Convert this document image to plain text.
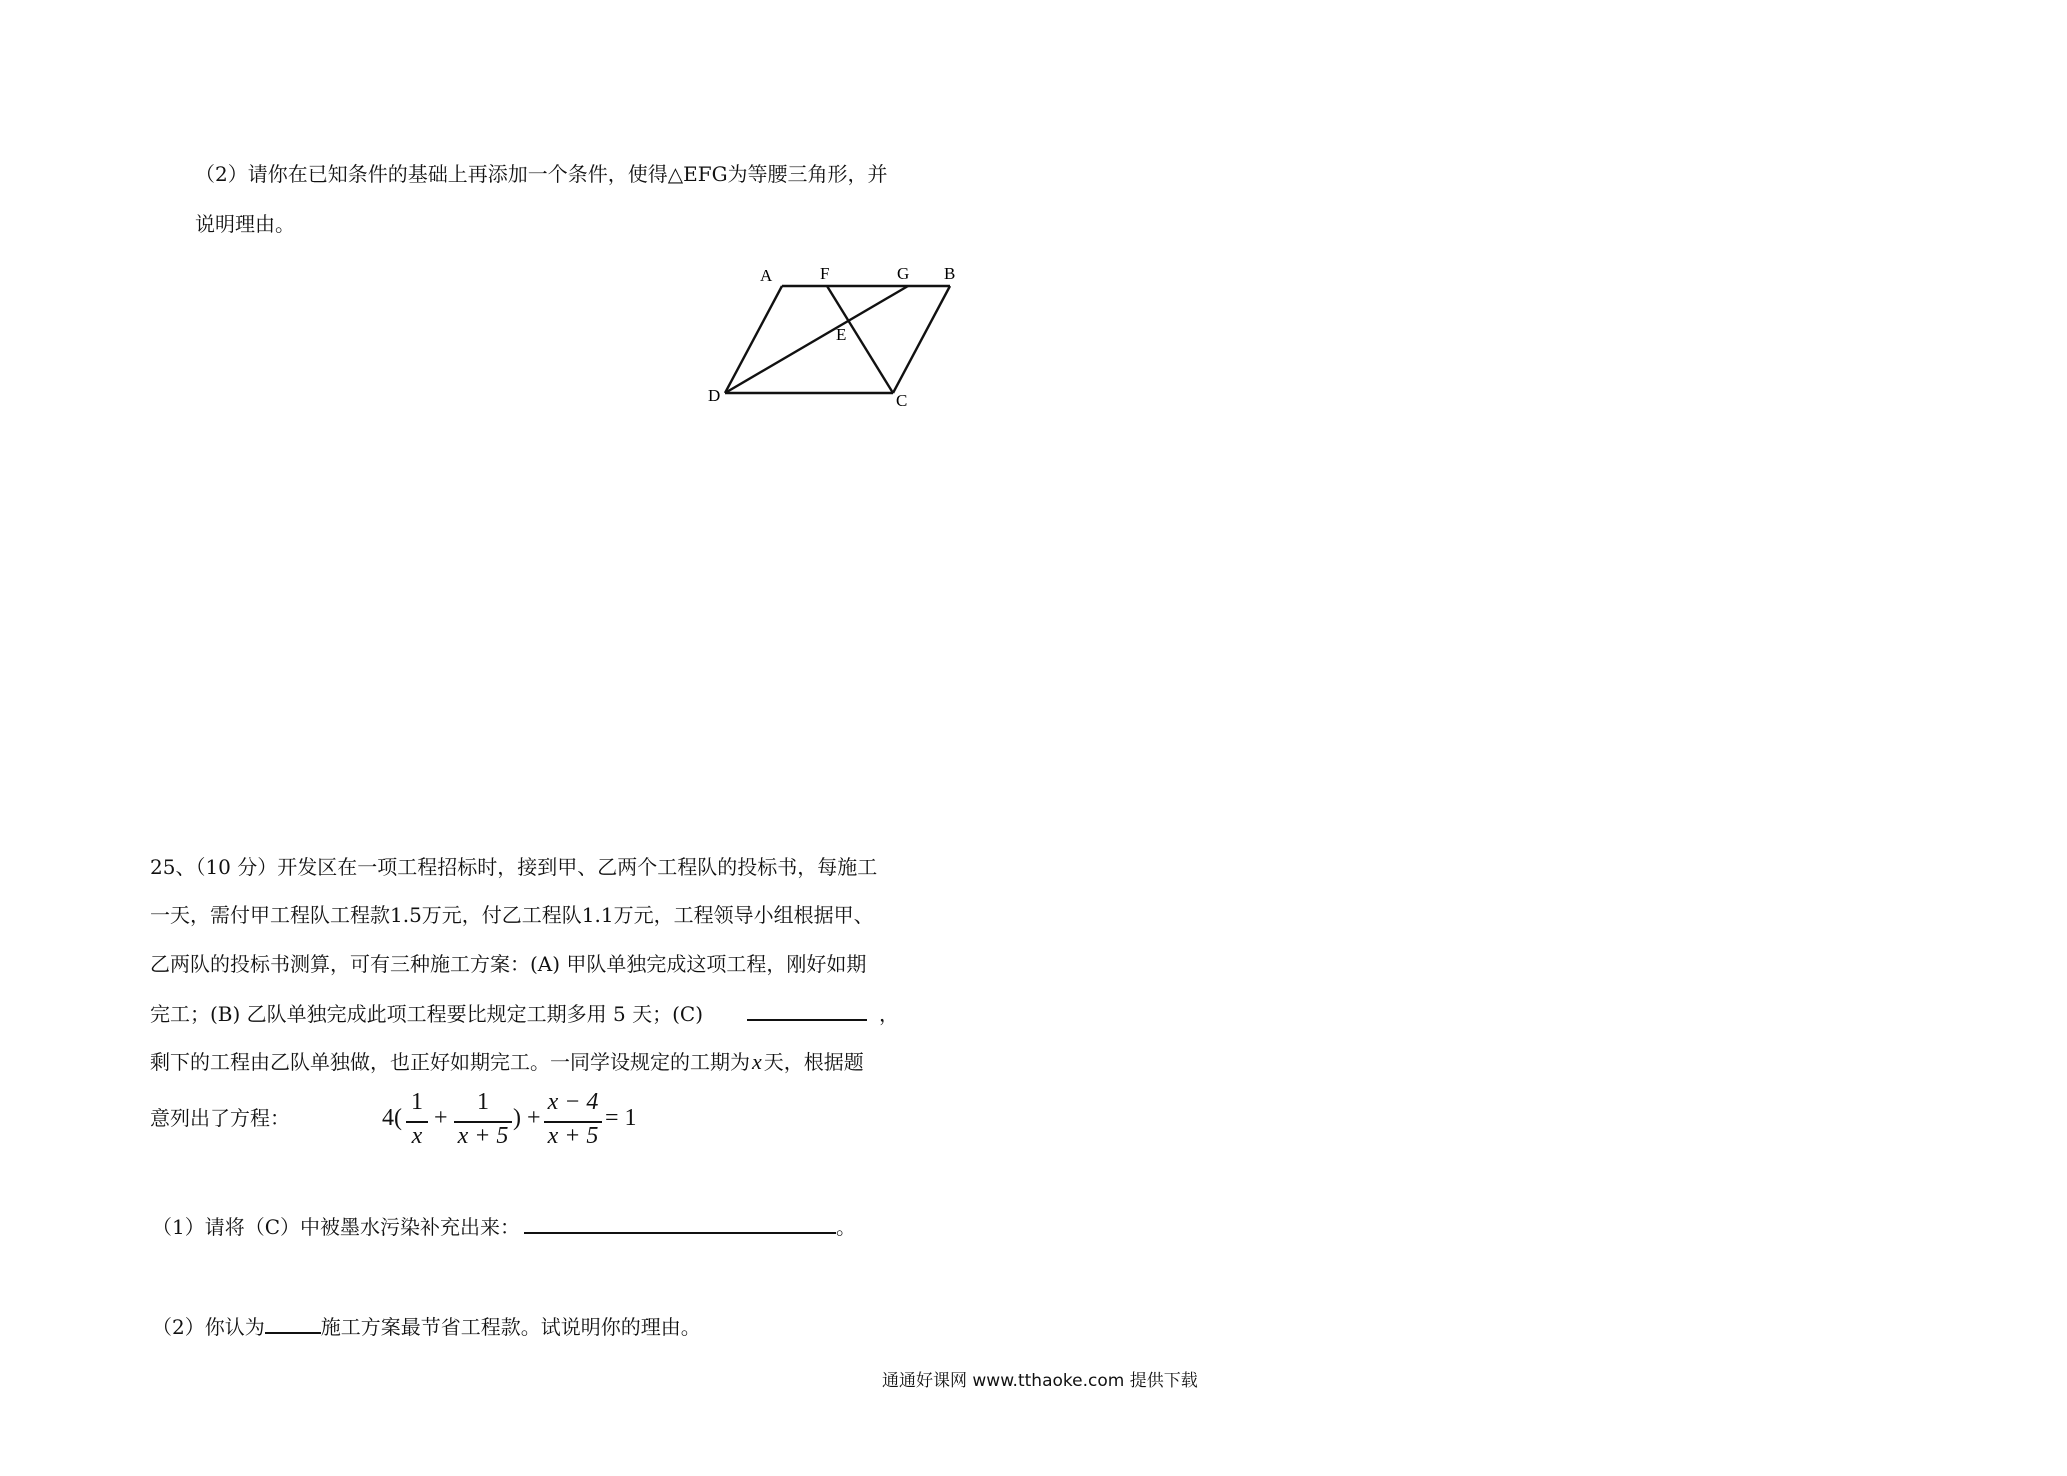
（2）请你在已知条件的基础上再添加一个条件，使得△EFG为等腰三角形，并
说明理由。
A	F	G B
E
D	C
25、（10 分）开发区在一项工程招标时，接到甲、乙两个工程队的投标书，每施工
一天，需付甲工程队工程款1.5万元，付乙工程队1.1万元，工程领导小组根据甲、
乙两队的投标书测算，可有三种施工方案：(A) 甲队单独完成这项工程，刚好如期
完工；(B) 乙队单独完成此项工程要比规定工期多用 5 天；(C)	，
剩下的工程由乙队单独做，也正好如期完工。一同学设规定的工期为x 天，根据题
意列出了方程：	4(
1
x
+
1
x + 5
) +
x − 4
x + 5
= 1
（1）请将（C）中被墨水污染补充出来：	。
（2）你认为	施工方案最节省工程款。试说明你的理由。
通通好课网 www.tthaoke.com 提供下载
